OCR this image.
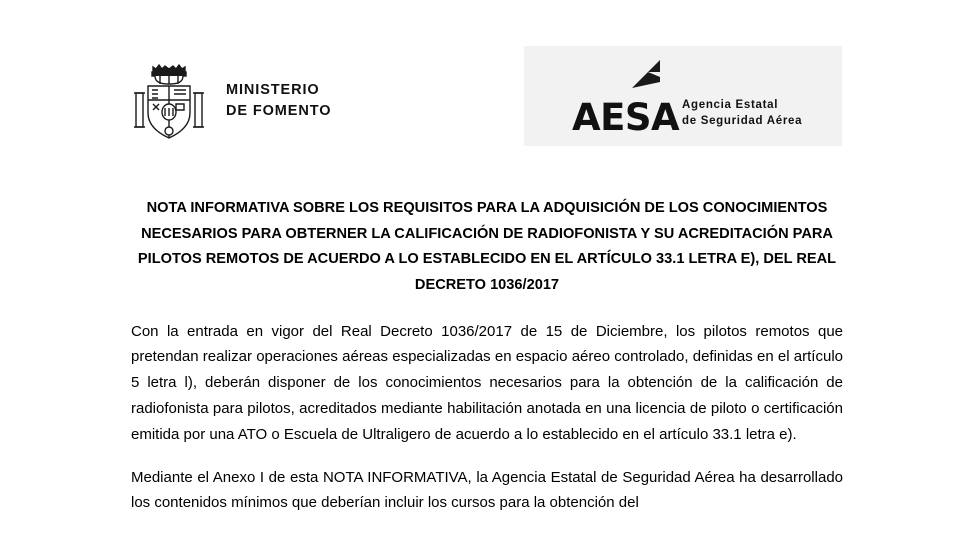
MINISTERIO
DE FOMENTO	AESA Agencia Estatal
de Seguridad Aérea
NOTA INFORMATIVA SOBRE LOS REQUISITOS PARA LA ADQUISICIÓN DE LOS CONOCIMIENTOS NECESARIOS PARA OBTERNER LA CALIFICACIÓN DE RADIOFONISTA Y SU ACREDITACIÓN PARA PILOTOS REMOTOS DE ACUERDO A LO ESTABLECIDO EN EL ARTÍCULO 33.1 LETRA E), DEL REAL DECRETO 1036/2017

Con la entrada en vigor del Real Decreto 1036/2017 de 15 de Diciembre, los pilotos remotos que pretendan realizar operaciones aéreas especializadas en espacio aéreo controlado, definidas en el artículo 5 letra l), deberán disponer de los conocimientos necesarios para la obtención de la calificación de radiofonista para pilotos, acreditados mediante habilitación anotada en una licencia de piloto o certificación emitida por una ATO o Escuela de Ultraligero de acuerdo a lo establecido en el artículo 33.1 letra e).

Mediante el Anexo I de esta NOTA INFORMATIVA, la Agencia Estatal de Seguridad Aérea ha desarrollado los contenidos mínimos que deberían incluir los cursos para la obtención del
